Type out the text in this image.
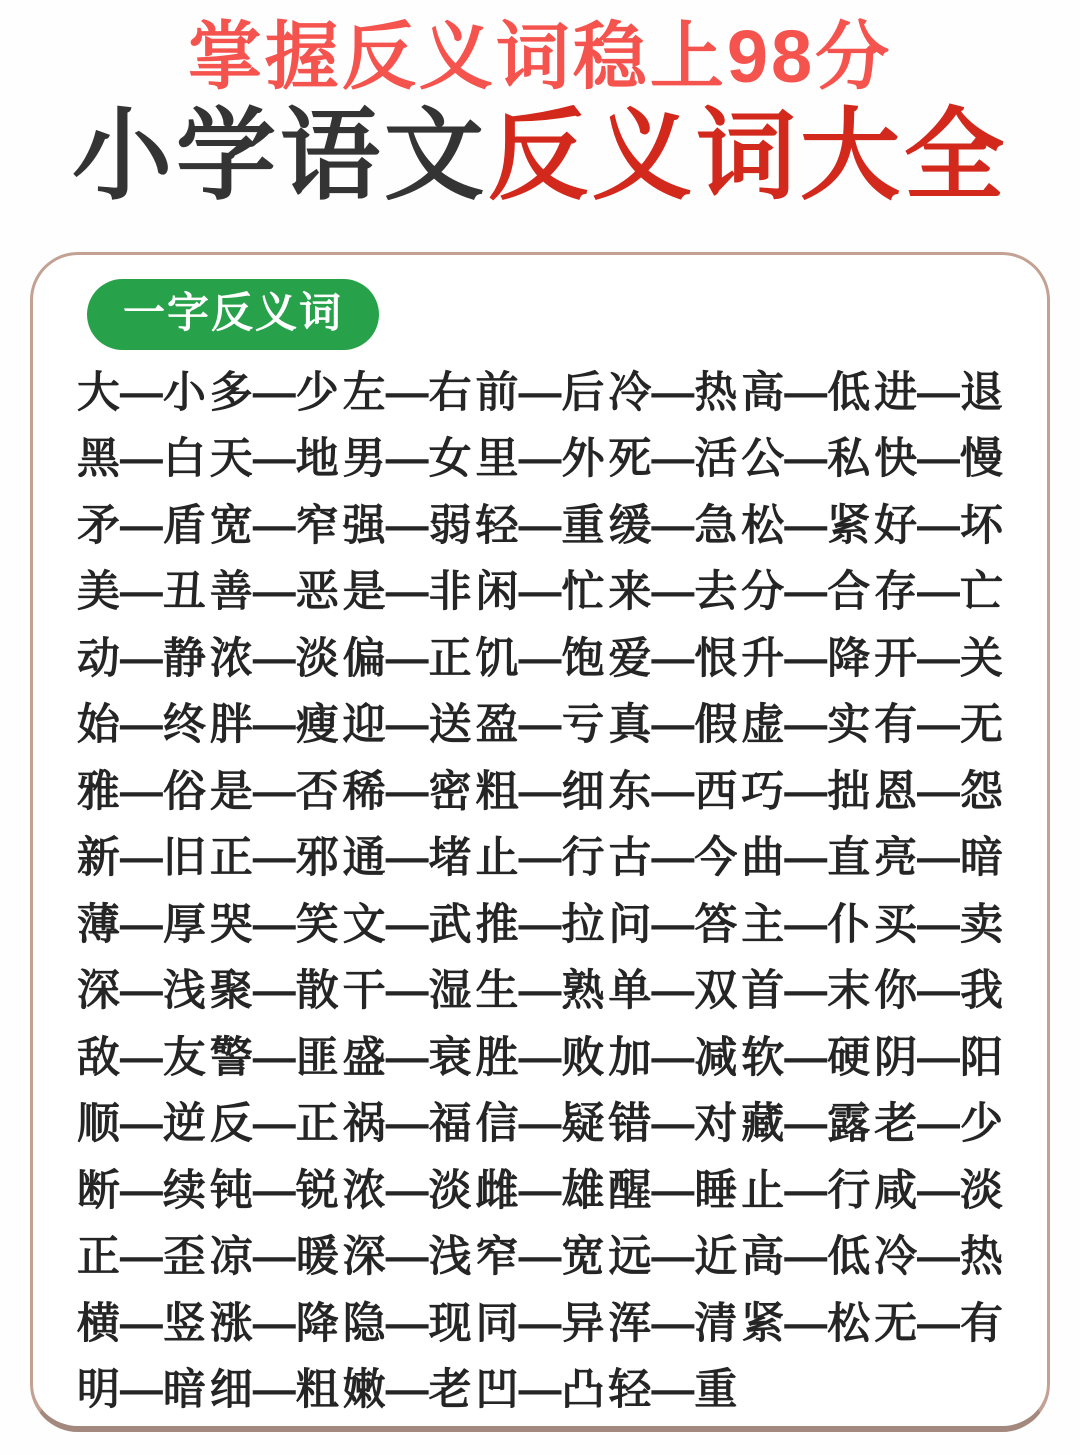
掌握反义词稳上98分
小学语文反义词大全
一字反义词
大—小 多—少 左—右 前—后 冷—热 高—低 进—退
黑—白 天—地 男—女 里—外 死—活 公—私 快—慢
矛—盾 宽—窄 强—弱 轻—重 缓—急 松—紧 好—坏
美—丑 善—恶 是—非 闲—忙 来—去 分—合 存—亡
动—静 浓—淡 偏—正 饥—饱 爱—恨 升—降 开—关
始—终 胖—瘦 迎—送 盈—亏 真—假 虚—实 有—无
雅—俗 是—否 稀—密 粗—细 东—西 巧—拙 恩—怨
新—旧 正—邪 通—堵 止—行 古—今 曲—直 亮—暗
薄—厚 哭—笑 文—武 推—拉 问—答 主—仆 买—卖
深—浅 聚—散 干—湿 生—熟 单—双 首—末 你—我
敌—友 警—匪 盛—衰 胜—败 加—减 软—硬 阴—阳
顺—逆 反—正 祸—福 信—疑 错—对 藏—露 老—少
断—续 钝—锐 浓—淡 雌—雄 醒—睡 止—行 咸—淡
正—歪 凉—暖 深—浅 窄—宽 远—近 高—低 冷—热
横—竖 涨—降 隐—现 同—异 浑—清 紧—松 无—有
明—暗 细—粗 嫩—老 凹—凸 轻—重
